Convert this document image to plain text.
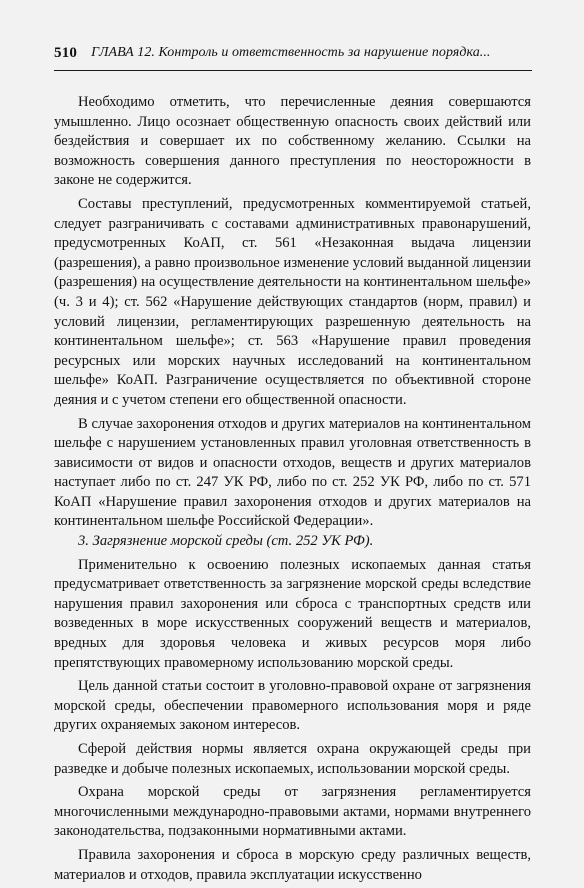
510 ГЛАВА 12. Контроль и ответственность за нарушение порядка...

Необходимо отметить, что перечисленные деяния совершаются умышленно. Лицо осознает общественную опасность своих действий или бездействия и совершает их по собственному желанию. Ссылки на возможность совершения данного преступления по неосторожности в законе не содержится.

Составы преступлений, предусмотренных комментируемой статьей, следует разграничивать с составами административных правонарушений, предусмотренных КоАП, ст. 561 «Незаконная выдача лицензии (разрешения), а равно произвольное изменение условий выданной лицензии (разрешения) на осуществление деятельности на континентальном шельфе» (ч. 3 и 4); ст. 562 «Нарушение действующих стандартов (норм, правил) и условий лицензии, регламентирующих разрешенную деятельность на континентальном шельфе»; ст. 563 «Нарушение правил проведения ресурсных или морских научных исследований на континентальном шельфе» КоАП. Разграничение осуществляется по объективной стороне деяния и с учетом степени его общественной опасности.

В случае захоронения отходов и других материалов на континентальном шельфе с нарушением установленных правил уголовная ответственность в зависимости от видов и опасности отходов, веществ и других материалов наступает либо по ст. 247 УК РФ, либо по ст. 252 УК РФ, либо по ст. 571 КоАП «Нарушение правил захоронения отходов и других материалов на континентальном шельфе Российской Федерации».

3. Загрязнение морской среды (ст. 252 УК РФ).

Применительно к освоению полезных ископаемых данная статья предусматривает ответственность за загрязнение морской среды вследствие нарушения правил захоронения или сброса с транспортных средств или возведенных в море искусственных сооружений веществ и материалов, вредных для здоровья человека и живых ресурсов моря либо препятствующих правомерному использованию морской среды.

Цель данной статьи состоит в уголовно-правовой охране от загрязнения морской среды, обеспечении правомерного использования моря и ряде других охраняемых законом интересов.

Сферой действия нормы является охрана окружающей среды при разведке и добыче полезных ископаемых, использовании морской среды.

Охрана морской среды от загрязнения регламентируется многочисленными международно-правовыми актами, нормами внутреннего законодательства, подзаконными нормативными актами.

Правила захоронения и сброса в морскую среду различных веществ, материалов и отходов, правила эксплуатации искусственно
